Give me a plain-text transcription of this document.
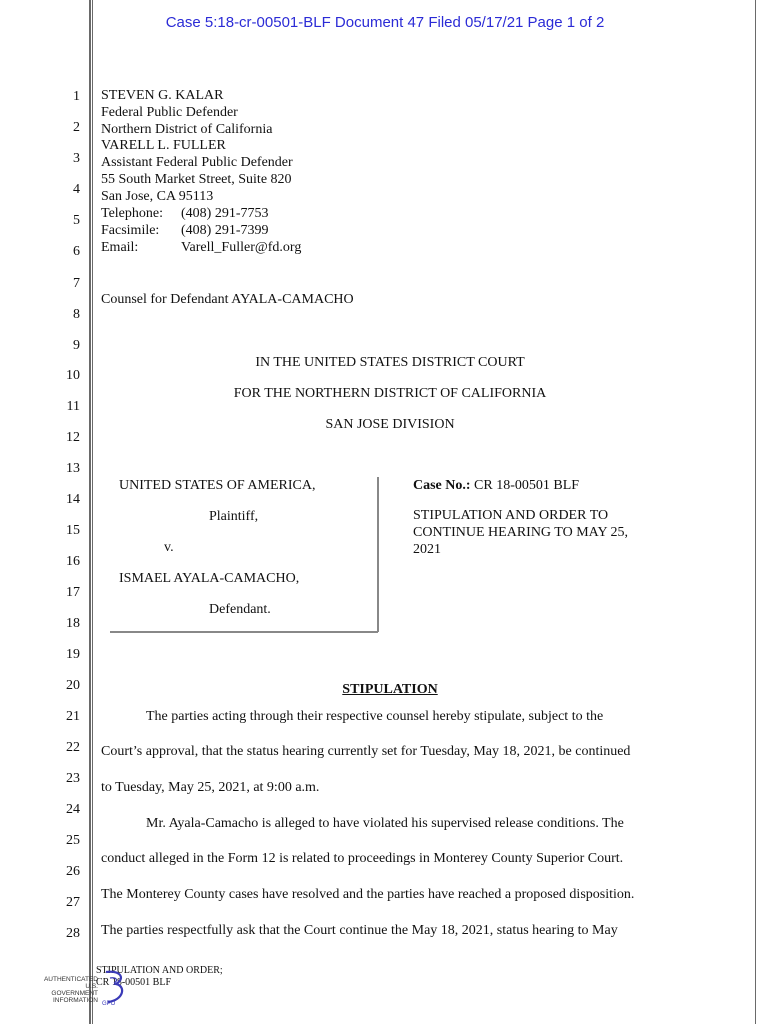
Case 5:18-cr-00501-BLF Document 47 Filed 05/17/21 Page 1 of 2
1
2
3
4
5
6
7
8
9
10
11
12
13
14
15
16
17
18
19
20
21
22
23
24
25
26
27
28
STEVEN G. KALAR
Federal Public Defender
Northern District of California
VARELL L. FULLER
Assistant Federal Public Defender
55 South Market Street, Suite 820
San Jose, CA 95113
Telephone: (408) 291-7753
Facsimile: (408) 291-7399
Email:	Varell_Fuller@fd.org
Counsel for Defendant AYALA-CAMACHO
IN THE UNITED STATES DISTRICT COURT
FOR THE NORTHERN DISTRICT OF CALIFORNIA
SAN JOSE DIVISION
UNITED STATES OF AMERICA,
Plaintiff,
v.
ISMAEL AYALA-CAMACHO,
Defendant.
Case No.: CR 18-00501 BLF
STIPULATION AND ORDER TO
CONTINUE HEARING TO MAY 25,
2021
STIPULATION
The parties acting through their respective counsel hereby stipulate, subject to the
Court’s approval, that the status hearing currently set for Tuesday, May 18, 2021, be continued
to Tuesday, May 25, 2021, at 9:00 a.m.
Mr. Ayala-Camacho is alleged to have violated his supervised release conditions. The
conduct alleged in the Form 12 is related to proceedings in Monterey County Superior Court.
The Monterey County cases have resolved and the parties have reached a proposed disposition.
The parties respectfully ask that the Court continue the May 18, 2021, status hearing to May
STIPULATION AND ORDER;
CR 18-00501 BLF
AUTHENTICATED
U.S. GOVERNMENT
INFORMATION GPO
